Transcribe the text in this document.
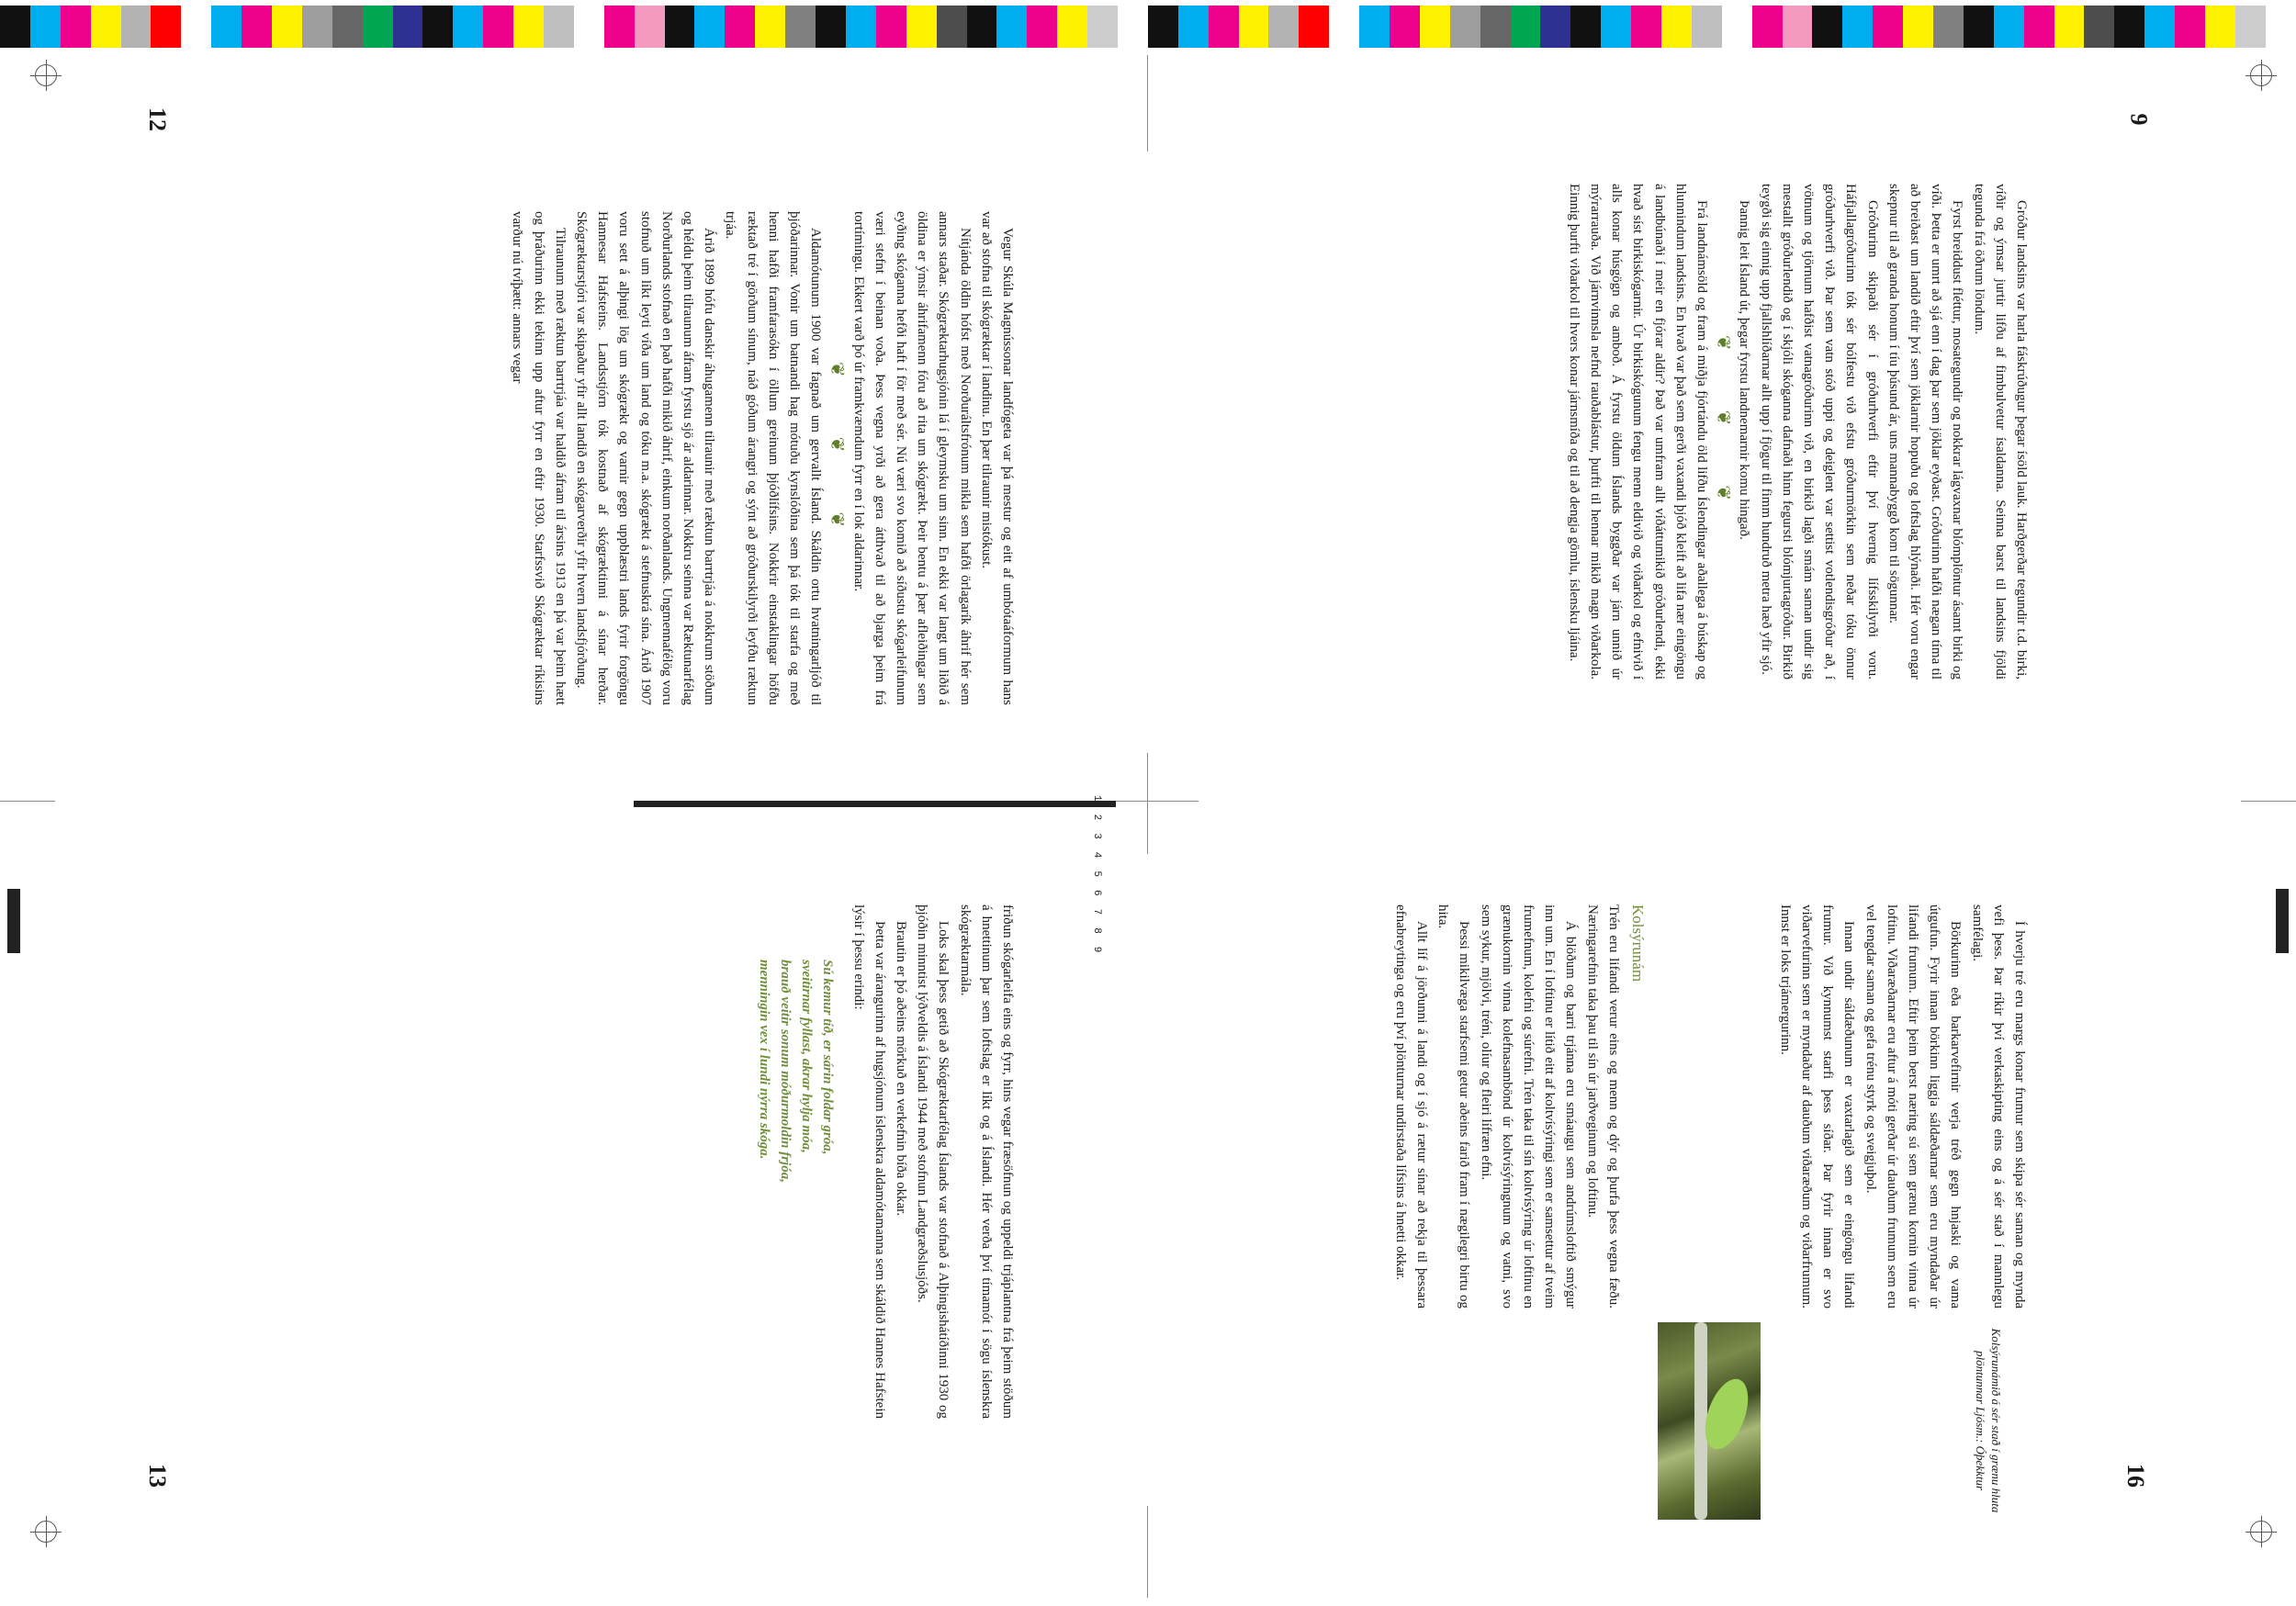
123456789
12	9
13	16

Vegur Skúla Magnússonar landfógeta var þá mestur og eitt af umbótaáformum hans var að stofna til skógræktar í landinu. En þær tilraunir mistókust.

Nítjánda öldin hófst með Norðuráltsfrónum mikla sem hafði örlagarík áhrif hér sem annars staðar. Skógræktarhugsjónin lá í gleymsku um sinn. En ekki var langt um liðið á öldina er ýmsir áhrifamenn fóru að rita um skógrækt. Þeir bentu á þær afleiðingar sem eyðing skóganna hefði haft í för með sér. Nú væri svo komið að síðustu skógarleifunum væri stefnt í beinan voða. Þess vegna yrði að gera átthvað til að bjarga þeim frá tortímingu. Ekkert varð þó úr framkvæmdum fyrr en í lok aldarinnar.

❦ ❦ ❦

Aldamótunum 1900 var fagnað um gervallt Ísland. Skáldin ortu hvatningarljóð til þjóðarinnar. Vonir um batnandi hag mótuðu kynslóðina sem þá tók til starfa og með henni hafði framfarasókn í öllum greinum þjóðlífsins. Nokkrir einstaklingar höfðu ræktað tré í görðum sínum, náð góðum árangri og sýnt að gróðurskilyrði leyfðu ræktun trjáa.

Árið 1899 hófu danskir áhugamenn tilraunir með ræktun barrtrjáa á nokkrum stöðum og héldu þeim tilraunum áfram fyrstu sjö ár aldarinnar. Nokkru seinna var Ræktunarfélag Norðurlands stofnað en það hafði mikið áhrif, einkum norðanlands. Ungmennafélög voru stofnuð um líkt leyti víða um land og tóku m.a. skógrækt á stefnuskrá sína. Árið 1907 voru sett á alþingi lög um skógrækt og varnir gegn uppblæstri lands fyrir forgöngu Hannesar Hafsteins. Landsstjórn tók kostnað af skógræktinni á sínar herðar. Skógræktarstjóri var skipaður yfir allt landið en skógarverðir yfir hvern landsfjórðung.

Tilraunum með ræktun barrtrjáa var haldið áfram til ársins 1913 en þá var þeim hætt og þráðurinn ekki tekinn upp aftur fyrr en eftir 1930. Starfssvið Skógræktar ríkisins varður nú tvíþætt: annars vegar	Gróður landsins var harla fáskrúðugur þegar ísöld lauk. Harðgerðar tegundir t.d. birki, víðir og ýmsar jurtir lifðu af fimbulvetur ísaldanna. Seinna barst til landsins fjöldi tegunda frá öðrum löndum.

Fyrst breiddust fléttur, mosategundir og nokkrar lágvaxnar blómplöntur ásamt birki og víði. Þetta er umrt að sjá enn í dag þar sem jöklar eyðast. Gróðurinn hafði nægan tíma til að breiðast um landið eftir því sem jöklarnir hopuðu og loftslag hlýnaði. Hér voru engar skepnur til að granda honum í tíu þúsund ár, uns mannabyggð kom til sögunnar.

Gróðurinn skipaði sér í gróðurhverfi eftir því hvernig lífsskilyrði voru. Háfjallagróðurinn tók sér bólfestu við efstu gróðurmörkin sem neðar tóku önnur gróðurhverfi við. Þar sem vatn stóð uppi og deiglent var settist votlendisgróður að, í vötnum og tjörnum hafðist vatnagróðurinn við, en birkið lagði smám saman undir sig mestallt gróðurlendið og í skjóli skóganna dafnaði hinn fegursti blómjurtagróður. Birkið teygði sig einnig upp fjallshlíðarnar allt upp í fjögur til fimm hundruð metra hæð yfir sjó.

Þannig leit Ísland út, þegar fyrstu landnemarnir komu hingað.

❦ ❦ ❦

Frá landnámsöld og fram á miðja fjórtándu öld lifðu Íslendingar aðallega á búskap og hlunnindum landsins. En hvað var það sem gerði vaxandi þjóð kleift að lifa nær eingöngu á landbúnaði í meir en fjórar aldir? Það var umfram allt víðáttumikið gróðurlendi, ekki hvað síst birkiskógarnir. Úr birkiskógunum fengu menn eldivið og viðarkol og efnivið í alls konar húsgögn og amboð. Á fyrstu öldum Íslands byggðar var járn unnið úr mýrarrauða. Við járnvinnsla nefnd rauðablástur, þurfti til hennar mikið magn viðarkola. Einnig þurfti viðarkol til hvers konar járnsmíða og til að dengja gömlu, íslensku ljáina.

friðun skógarleifa eins og fyrr, hins vegar fræsöfnun og uppeldi trjáplantna frá þeim stöðum á hnettinum þar sem loftslag er líkt og á Íslandi. Hér verða því tímamót í sögu íslenskra skógræktarmála.

Loks skal þess getið að Skógræktarfélag Íslands var stofnað á Alþingishátíðinni 1930 og þjóðin minntist lýðveldis á Íslandi 1944 með stofnun Landgræðslusjóðs.

Brautin er þó aðeins mörkuð en verkefnin bíða okkar.

Þetta var árangurinn af hugsjónum íslenskra aldamótamanna sem skáldið Hannes Hafstein lýsir í þessu erindi:

Sú kemur tíð, er sárin foldar gróa,

sveitirnar fyllast, akrar hylja móa,

brauð veitir sonum móðurmoldin frjóa,

menningin vex í lundi nýrra skóga.	Í hverju tré eru margs konar frumur sem skipa sér saman og mynda vefi þess. Þar ríkir því verkaskipting eins og á sér stað í mannlegu samfélagi.

Börkurinn eða barkarvefirnir verja tréð gegn hnjaski og vama útgufun. Fyrir innan börkinn liggja sáldæðarnar sem eru myndaðar úr lifandi frumum. Eftir þeim berst næring sú sem grænu kornin vinna úr loftinu. Viðaræðarnar eru aftur á móti gerðar úr dauðum frumum sem eru vel tengdar saman og gefa trénu styrk og sveigjuþol.

Innan undir sáldæðunum er vaxtarlagið sem er eingöngu lifandi frumur. Við kynnumst starfi þess síðar. Þar fyrir innan er svo viðarvefurinn sem er myndaður af dauðum viðaræðum og viðarfrumum. Innst er loks trjámergurinn.

Kolsýrunám

Trén eru lifandi verur eins og menn og dýr og þurfa þess vegna fæðu. Næringarefnin taka þau til sín úr jarðveginum og loftinu.

Á blöðum og barri trjánna eru smáaugu sem andrúmsloftið smýgur inn um. En í loftinu er lítið eitt af koltvísýringi sem er samsettur af tveim frumefnum, kolefni og súrefni. Trén taka til sín koltvísýring úr loftinu en grænukornin vinna kolefnasambönd úr koltvísýringnum og vatni, svo sem sykur, mjölvi, tréni, olíur og fleiri lífræn efni.

Þessi mikilvæga starfsemi getur aðeins farið fram í nægilegri birtu og hita.

Allt líf á jörðunni á landi og í sjó á rætur sínar að rekja til þessara efnabreytinga og eru því plönturnar undirstaða lífsins á hnetti okkar.

Kolsýrunámið á sér stað í grænu hluta plöntunnar Ljósm.: Óþekktur
